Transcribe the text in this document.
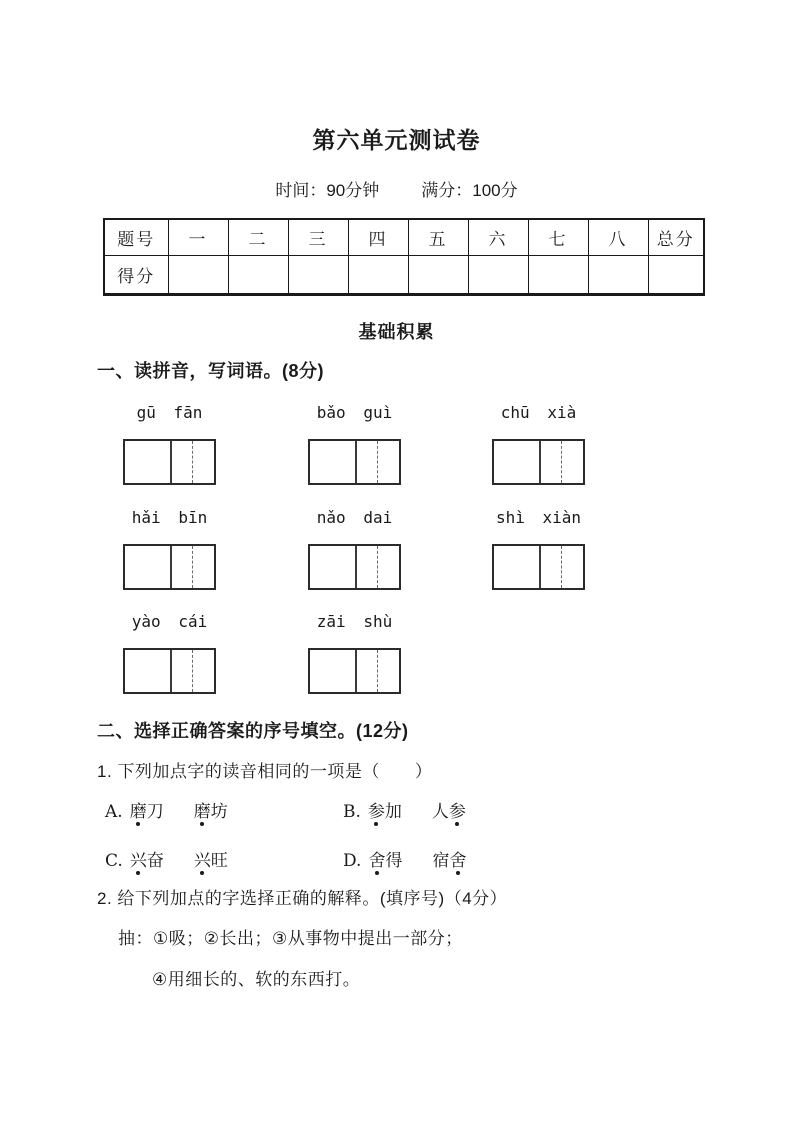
第六单元测试卷
时间：90分钟 满分：100分
题号	一	二	三	四	五	六	七	八	总分
得分									
基础积累
一、读拼音，写词语。(8分)
gū fān	bǎo guì	chū xià
hǎi bīn	nǎo dai	shì xiàn
yào cái	zāi shù
二、选择正确答案的序号填空。(12分)
1. 下列加点字的读音相同的一项是（　　）
A. 磨刀 磨坊	B. 参加 人参
C. 兴奋 兴旺	D. 舍得 宿舍
2. 给下列加点的字选择正确的解释。(填序号)（4分）
抽：①吸；②长出；③从事物中提出一部分；
④用细长的、软的东西打。
